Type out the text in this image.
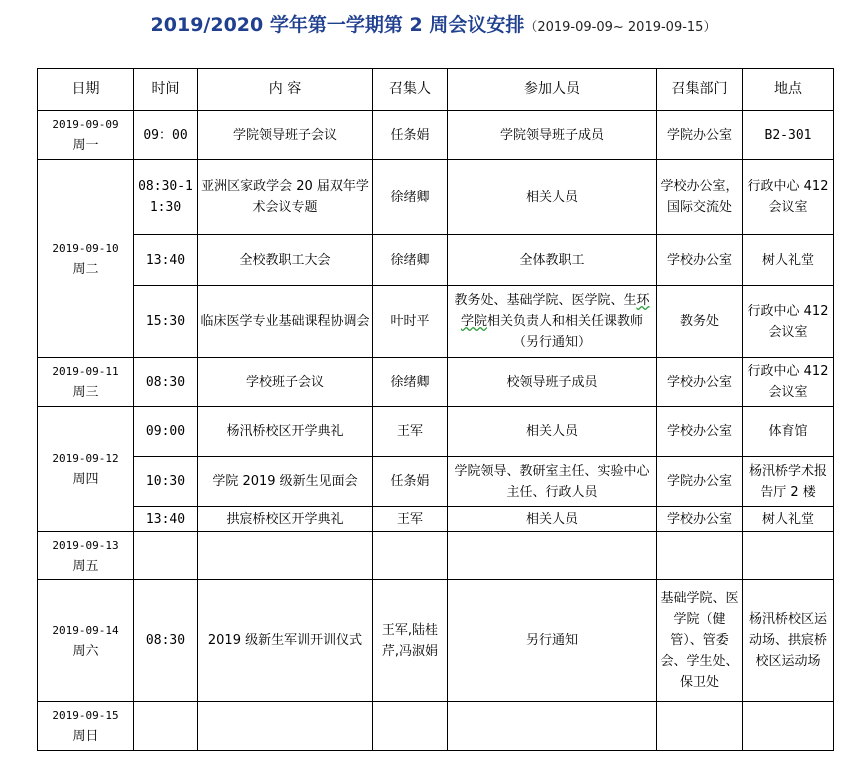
2019/2020 学年第一学期第 2 周会议安排（2019-09-09~ 2019-09-15）
日期	时间	内 容	召集人	参加人员	召集部门	地点

2019-09-09
周一	09：00	学院领导班子会议	任条娟	学院领导班子成员	学院办公室	B2-301

2019-09-10
周二	08:30-11:30	亚洲区家政学会 20 届双年学术会议专题	徐绪卿	相关人员	学校办公室，国际交流处	行政中心 412 会议室
	13:40	全校教职工大会	徐绪卿	全体教职工	学校办公室	树人礼堂
	15:30	临床医学专业基础课程协调会	叶时平	教务处、基础学院、医学院、生环学院相关负责人和相关任课教师（另行通知）	教务处	行政中心 412 会议室

2019-09-11
周三	08:30	学校班子会议	徐绪卿	校领导班子成员	学校办公室	行政中心 412 会议室

2019-09-12
周四	09:00	杨汛桥校区开学典礼	王军	相关人员	学校办公室	体育馆
	10:30	学院 2019 级新生见面会	任条娟	学院领导、教研室主任、实验中心主任、行政人员	学院办公室	杨汛桥学术报告厅 2 楼
	13:40	拱宸桥校区开学典礼	王军	相关人员	学校办公室	树人礼堂

2019-09-13
周五						

2019-09-14
周六	08:30	2019 级新生军训开训仪式	王军,陆桂芹,冯淑娟	另行通知	基础学院、医学院（健管）、管委会、学生处、保卫处	杨汛桥校区运动场、拱宸桥校区运动场

2019-09-15
周日						
